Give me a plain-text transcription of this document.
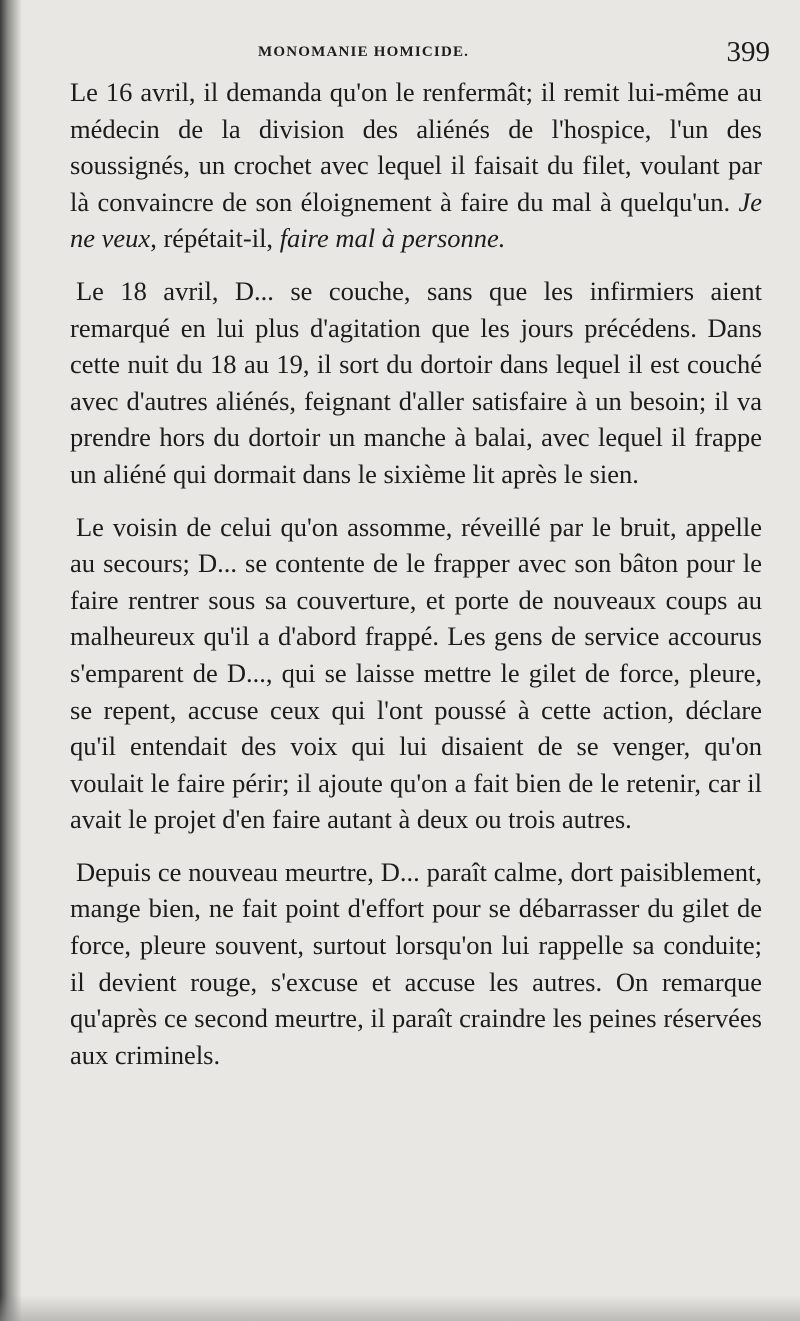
MONOMANIE HOMICIDE.	399

Le 16 avril, il demanda qu'on le renfermât; il remit lui-même au médecin de la division des aliénés de l'hospice, l'un des soussignés, un crochet avec lequel il faisait du filet, voulant par là convaincre de son éloignement à faire du mal à quelqu'un. Je ne veux, répétait-il, faire mal à personne.

Le 18 avril, D... se couche, sans que les infirmiers aient remarqué en lui plus d'agitation que les jours précédens. Dans cette nuit du 18 au 19, il sort du dortoir dans lequel il est couché avec d'autres aliénés, feignant d'aller satisfaire à un besoin; il va prendre hors du dortoir un manche à balai, avec lequel il frappe un aliéné qui dormait dans le sixième lit après le sien.

Le voisin de celui qu'on assomme, réveillé par le bruit, appelle au secours; D... se contente de le frapper avec son bâton pour le faire rentrer sous sa couverture, et porte de nouveaux coups au malheureux qu'il a d'abord frappé. Les gens de service accourus s'emparent de D..., qui se laisse mettre le gilet de force, pleure, se repent, accuse ceux qui l'ont poussé à cette action, déclare qu'il entendait des voix qui lui disaient de se venger, qu'on voulait le faire périr; il ajoute qu'on a fait bien de le retenir, car il avait le projet d'en faire autant à deux ou trois autres.

Depuis ce nouveau meurtre, D... paraît calme, dort paisiblement, mange bien, ne fait point d'effort pour se débarrasser du gilet de force, pleure souvent, surtout lorsqu'on lui rappelle sa conduite; il devient rouge, s'excuse et accuse les autres. On remarque qu'après ce second meurtre, il paraît craindre les peines réservées aux criminels.
